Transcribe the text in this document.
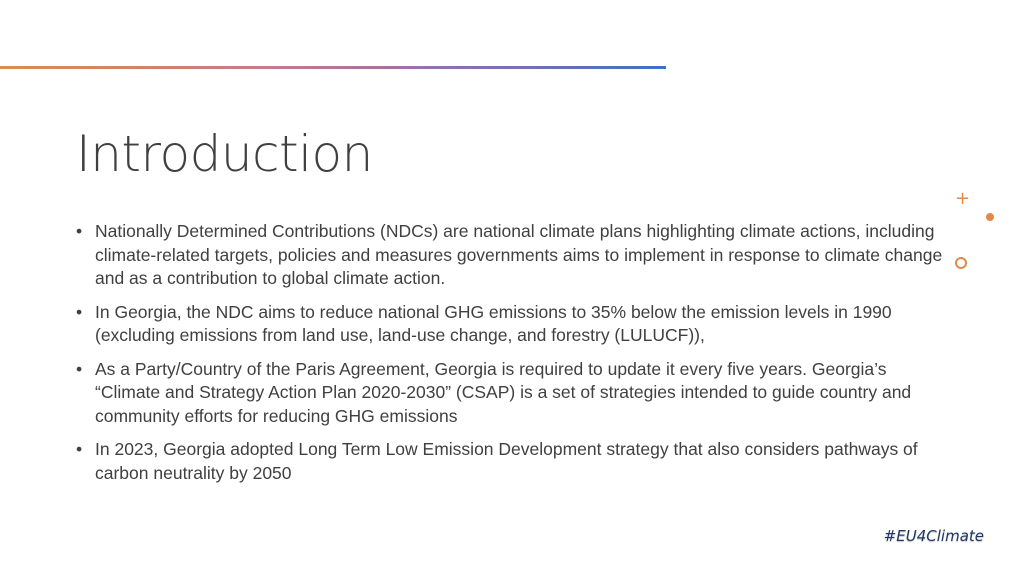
Introduction
+
• Nationally Determined Contributions (NDCs) are national climate plans highlighting climate actions, including climate-related targets, policies and measures governments aims to implement in response to climate change and as a contribution to global climate action.
• In Georgia, the NDC aims to reduce national GHG emissions to 35% below the emission levels in 1990 (excluding emissions from land use, land-use change, and forestry (LULUCF)),
• As a Party/Country of the Paris Agreement, Georgia is required to update it every five years. Georgia’s “Climate and Strategy Action Plan 2020-2030” (CSAP) is a set of strategies intended to guide country and community efforts for reducing GHG emissions
• In 2023, Georgia adopted Long Term Low Emission Development strategy that also considers pathways of carbon neutrality by 2050
#EU4Climate
